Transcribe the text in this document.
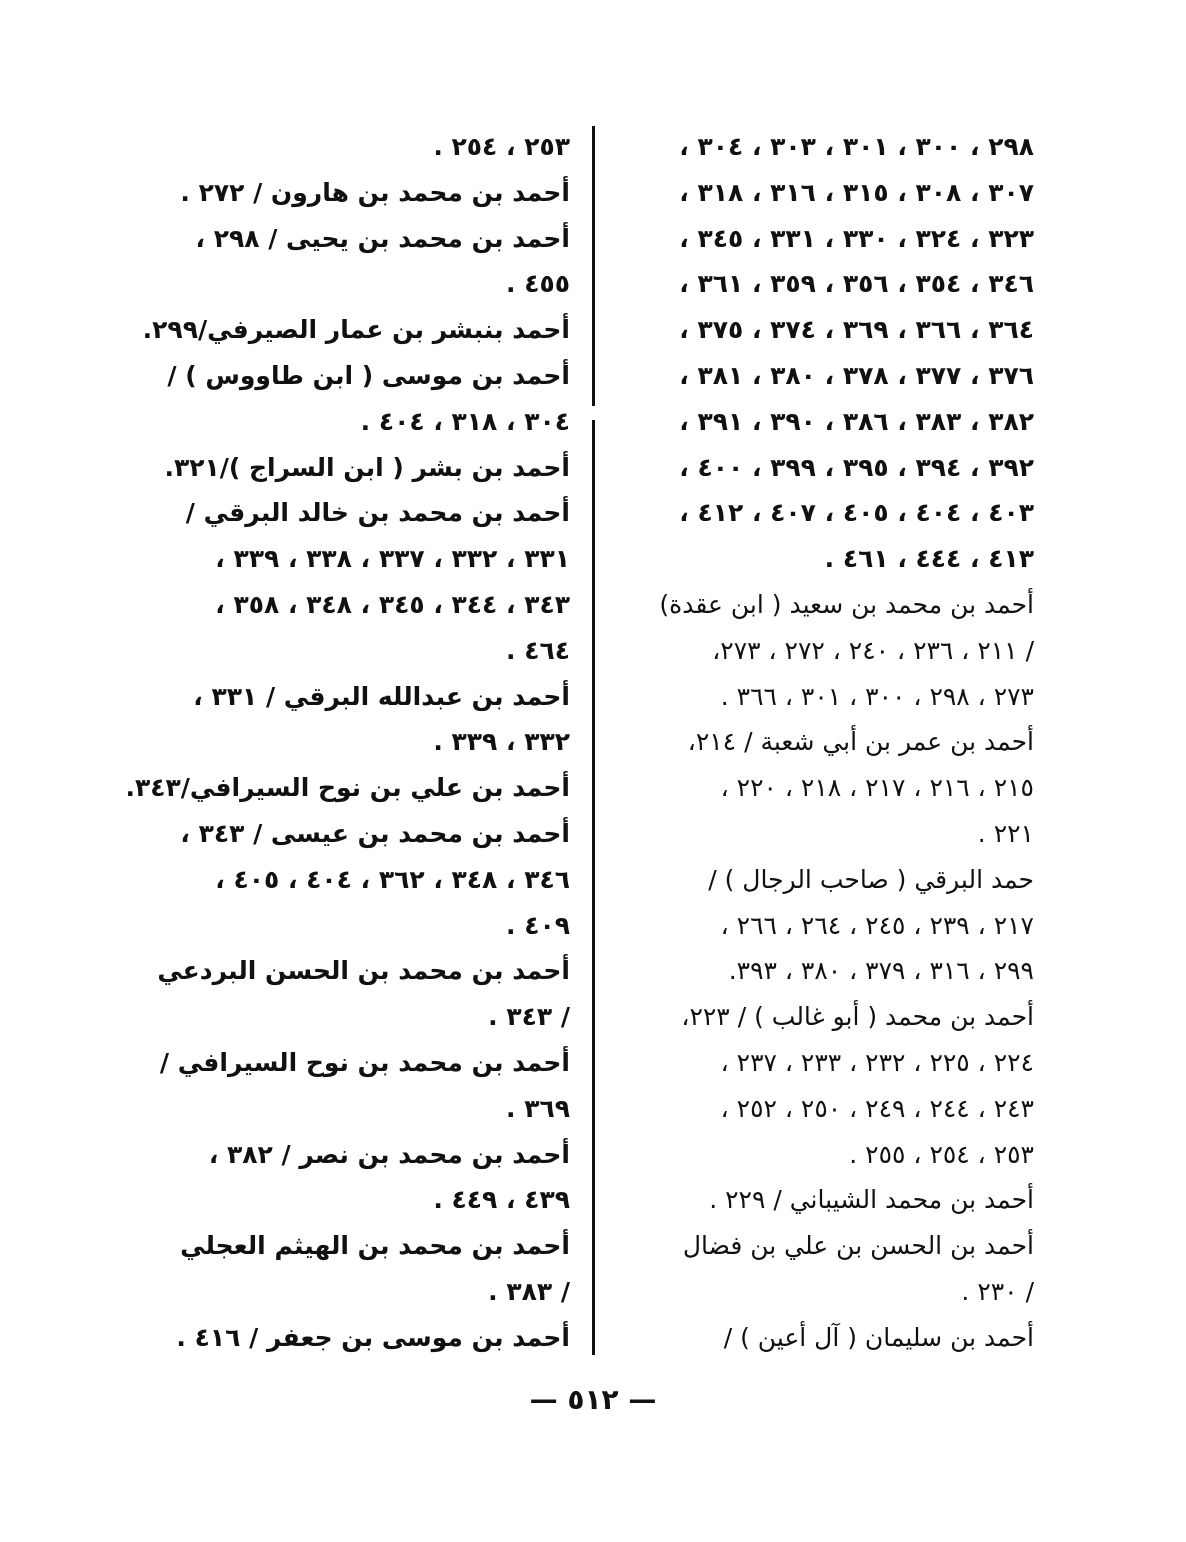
٢٩٨ ، ٣٠٠ ، ٣٠١ ، ٣٠٣ ، ٣٠٤ ،
٣٠٧ ، ٣٠٨ ، ٣١٥ ، ٣١٦ ، ٣١٨ ،
٣٢٣ ، ٣٢٤ ، ٣٣٠ ، ٣٣١ ، ٣٤٥ ،
٣٤٦ ، ٣٥٤ ، ٣٥٦ ، ٣٥٩ ، ٣٦١ ،
٣٦٤ ، ٣٦٦ ، ٣٦٩ ، ٣٧٤ ، ٣٧٥ ،
٣٧٦ ، ٣٧٧ ، ٣٧٨ ، ٣٨٠ ، ٣٨١ ،
٣٨٢ ، ٣٨٣ ، ٣٨٦ ، ٣٩٠ ، ٣٩١ ،
٣٩٢ ، ٣٩٤ ، ٣٩٥ ، ٣٩٩ ، ٤٠٠ ،
٤٠٣ ، ٤٠٤ ، ٤٠٥ ، ٤٠٧ ، ٤١٢ ،
٤١٣ ، ٤٤٤ ، ٤٦١ .
أحمد بن محمد بن سعيد ( ابن عقدة)
/ ٢١١ ، ٢٣٦ ، ٢٤٠ ، ٢٧٢ ، ٢٧٣،
٢٧٣ ، ٢٩٨ ، ٣٠٠ ، ٣٠١ ، ٣٦٦ .
أحمد بن عمر بن أبي شعبة / ٢١٤،
٢١٥ ، ٢١٦ ، ٢١٧ ، ٢١٨ ، ٢٢٠ ،
٢٢١ .
حمد البرقي ( صاحب الرجال ) /
٢١٧ ، ٢٣٩ ، ٢٤٥ ، ٢٦٤ ، ٢٦٦ ،
٢٩٩ ، ٣١٦ ، ٣٧٩ ، ٣٨٠ ، ٣٩٣.
أحمد بن محمد ( أبو غالب ) / ٢٢٣،
٢٢٤ ، ٢٢٥ ، ٢٣٢ ، ٢٣٣ ، ٢٣٧ ،
٢٤٣ ، ٢٤٤ ، ٢٤٩ ، ٢٥٠ ، ٢٥٢ ،
٢٥٣ ، ٢٥٤ ، ٢٥٥ .
أحمد بن محمد الشيباني / ٢٢٩ .
أحمد بن الحسن بن علي بن فضال
/ ٢٣٠ .
أحمد بن سليمان ( آل أعين ) /
٢٥٣ ، ٢٥٤ .
أحمد بن محمد بن هارون / ٢٧٢ .
أحمد بن محمد بن يحيى / ٢٩٨ ،
٤٥٥ .
أحمد بنبشر بن عمار الصيرفي/٢٩٩.
أحمد بن موسى ( ابن طاووس ) /
٣٠٤ ، ٣١٨ ، ٤٠٤ .
أحمد بن بشر ( ابن السراج )/٣٢١.
أحمد بن محمد بن خالد البرقي /
٣٣١ ، ٣٣٢ ، ٣٣٧ ، ٣٣٨ ، ٣٣٩ ،
٣٤٣ ، ٣٤٤ ، ٣٤٥ ، ٣٤٨ ، ٣٥٨ ،
٤٦٤ .
أحمد بن عبدالله البرقي / ٣٣١ ،
٣٣٢ ، ٣٣٩ .
أحمد بن علي بن نوح السيرافي/٣٤٣.
أحمد بن محمد بن عيسى / ٣٤٣ ،
٣٤٦ ، ٣٤٨ ، ٣٦٢ ، ٤٠٤ ، ٤٠٥ ،
٤٠٩ .
أحمد بن محمد بن الحسن البردعي
/ ٣٤٣ .
أحمد بن محمد بن نوح السيرافي /
٣٦٩ .
أحمد بن محمد بن نصر / ٣٨٢ ،
٤٣٩ ، ٤٤٩ .
أحمد بن محمد بن الهيثم العجلي
/ ٣٨٣ .
أحمد بن موسى بن جعفر / ٤١٦ .
— ٥١٢ —
